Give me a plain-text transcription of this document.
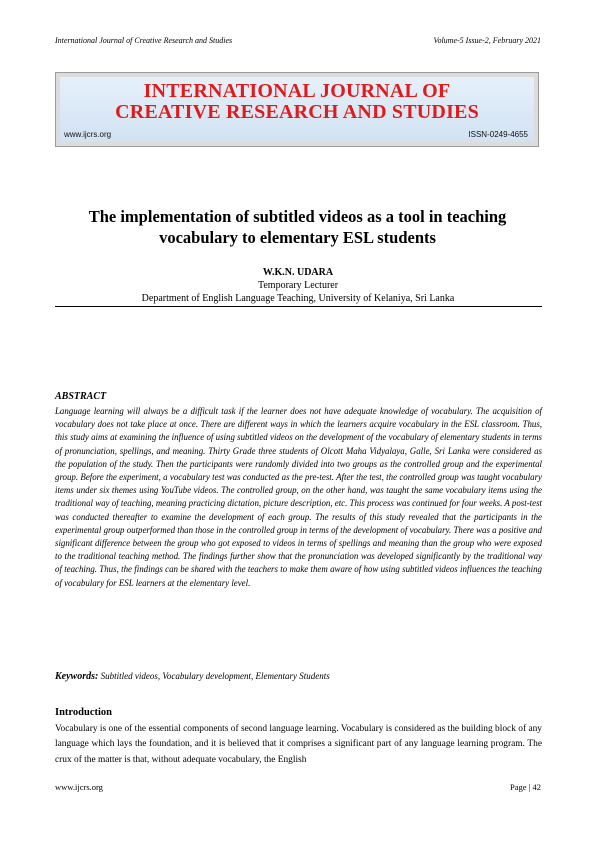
International Journal of Creative Research and Studies	Volume-5 Issue-2, February 2021
INTERNATIONAL JOURNAL OF
CREATIVE RESEARCH AND STUDIES
www.ijcrs.org	ISSN-0249-4655
The implementation of subtitled videos as a tool in teaching
vocabulary to elementary ESL students
W.K.N. UDARA
Temporary Lecturer
Department of English Language Teaching, University of Kelaniya, Sri Lanka
ABSTRACT
Language learning will always be a difficult task if the learner does not have adequate knowledge of vocabulary. The acquisition of vocabulary does not take place at once. There are different ways in which the learners acquire vocabulary in the ESL classroom. Thus, this study aims at examining the influence of using subtitled videos on the development of the vocabulary of elementary students in terms of pronunciation, spellings, and meaning. Thirty Grade three students of Olcott Maha Vidyalaya, Galle, Sri Lanka were considered as the population of the study. Then the participants were randomly divided into two groups as the controlled group and the experimental group. Before the experiment, a vocabulary test was conducted as the pre-test. After the test, the controlled group was taught vocabulary items under six themes using YouTube videos. The controlled group, on the other hand, was taught the same vocabulary items using the traditional way of teaching, meaning practicing dictation, picture description, etc. This process was continued for four weeks. A post-test was conducted thereafter to examine the development of each group. The results of this study revealed that the participants in the experimental group outperformed than those in the controlled group in terms of the development of vocabulary. There was a positive and significant difference between the group who got exposed to videos in terms of spellings and meaning than the group who were exposed to the traditional teaching method. The findings further show that the pronunciation was developed significantly by the traditional way of teaching. Thus, the findings can be shared with the teachers to make them aware of how using subtitled videos influences the teaching of vocabulary for ESL learners at the elementary level.
Keywords: Subtitled videos, Vocabulary development, Elementary Students
Introduction
Vocabulary is one of the essential components of second language learning. Vocabulary is considered as the building block of any language which lays the foundation, and it is believed that it comprises a significant part of any language learning program. The crux of the matter is that, without adequate vocabulary, the English
www.ijcrs.org	Page | 42
